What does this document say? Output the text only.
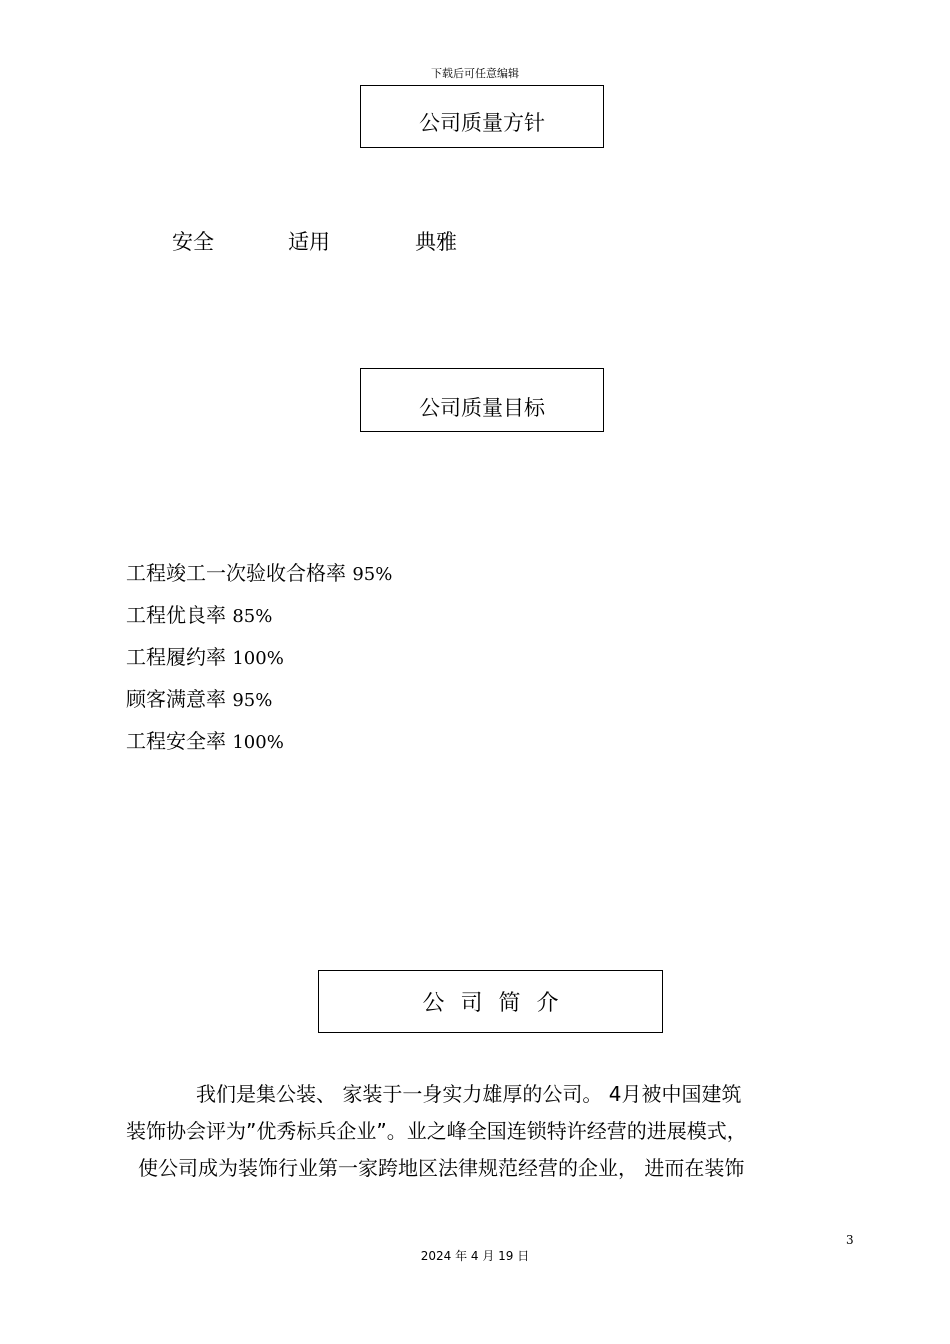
下载后可任意编辑
公司质量方针
安全	适用	典雅
公司质量目标
工程竣工一次验收合格率 95%
工程优良率 85%
工程履约率 100%
顾客满意率 95%
工程安全率 100%
公司简介
我们是集公装、 家装于一身实力雄厚的公司。 4月被中国建筑
装饰协会评为”优秀标兵企业”。业之峰全国连锁特许经营的进展模式，
使公司成为装饰行业第一家跨地区法律规范经营的企业， 进而在装饰
3
2024 年 4 月 19 日
